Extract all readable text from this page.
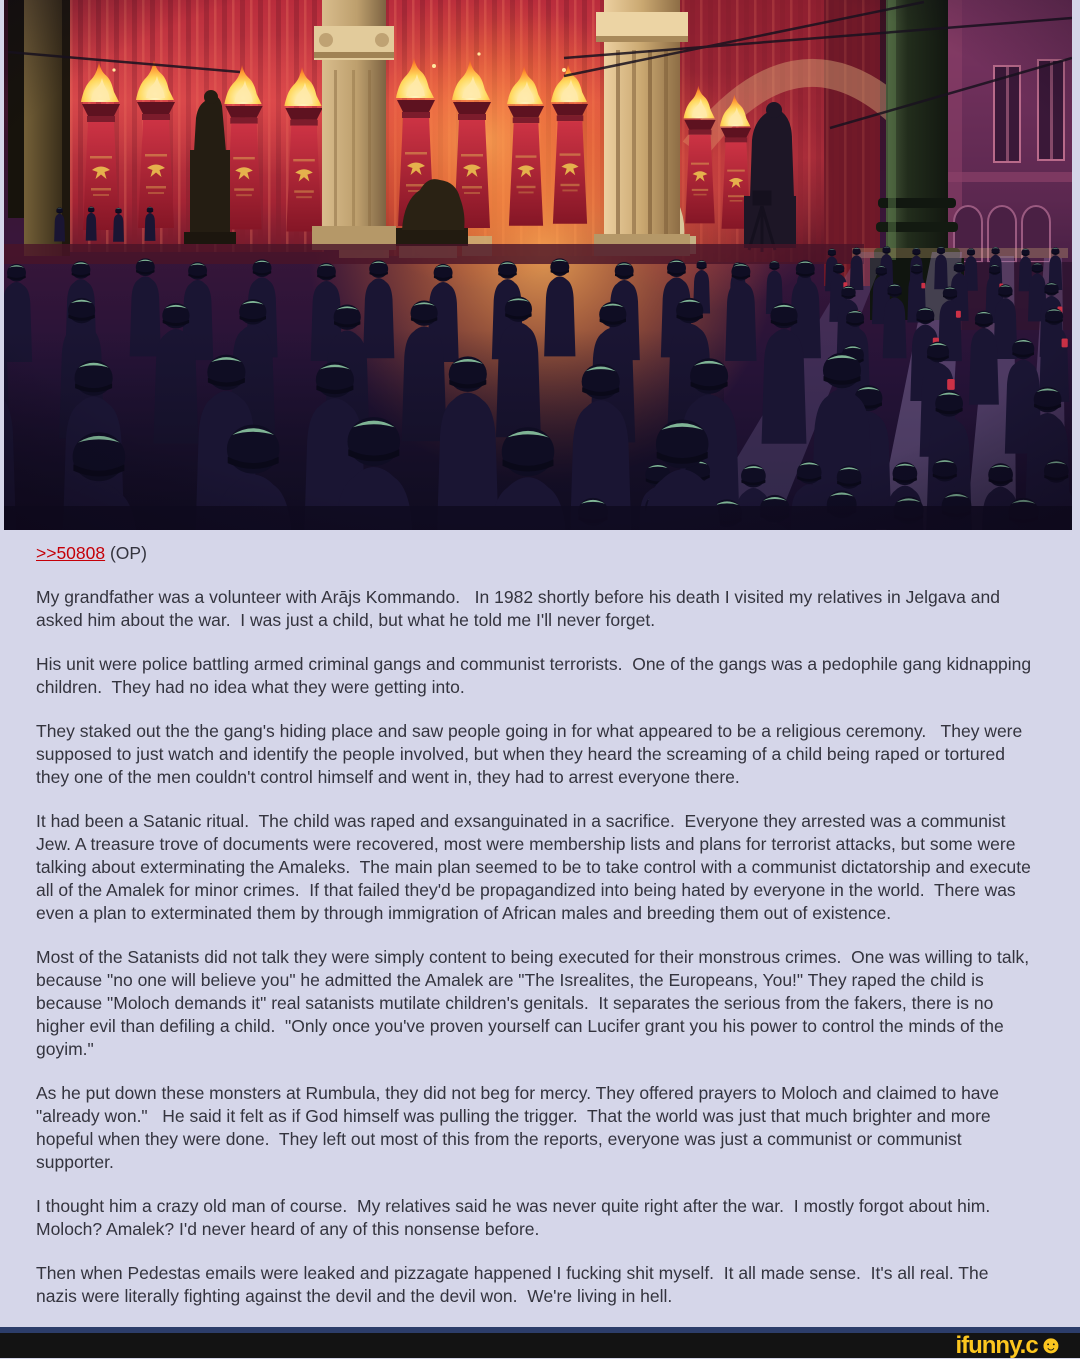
>>50808 (OP)

My grandfather was a volunteer with Arājs Kommando.   In 1982 shortly before his death I visited my relatives in Jelgava and asked him about the war.  I was just a child, but what he told me I'll never forget.

His unit were police battling armed criminal gangs and communist terrorists.  One of the gangs was a pedophile gang kidnapping children.  They had no idea what they were getting into.

They staked out the the gang's hiding place and saw people going in for what appeared to be a religious ceremony.   They were supposed to just watch and identify the people involved, but when they heard the screaming of a child being raped or tortured they one of the men couldn't control himself and went in, they had to arrest everyone there.

It had been a Satanic ritual.  The child was raped and exsanguinated in a sacrifice.  Everyone they arrested was a communist Jew. A treasure trove of documents were recovered, most were membership lists and plans for terrorist attacks, but some were talking about exterminating the Amaleks.  The main plan seemed to be to take control with a communist dictatorship and execute all of the Amalek for minor crimes.  If that failed they'd be propagandized into being hated by everyone in the world.  There was even a plan to exterminated them by through immigration of African males and breeding them out of existence.

Most of the Satanists did not talk they were simply content to being executed for their monstrous crimes.  One was willing to talk, because "no one will believe you" he admitted the Amalek are "The Isrealites, the Europeans, You!" They raped the child is because "Moloch demands it" real satanists mutilate children's genitals.  It separates the serious from the fakers, there is no higher evil than defiling a child.  "Only once you've proven yourself can Lucifer grant you his power to control the minds of the goyim."

As he put down these monsters at Rumbula, they did not beg for mercy. They offered prayers to Moloch and claimed to have "already won."   He said it felt as if God himself was pulling the trigger.  That the world was just that much brighter and more hopeful when they were done.  They left out most of this from the reports, everyone was just a communist or communist supporter.

I thought him a crazy old man of course.  My relatives said he was never quite right after the war.  I mostly forgot about him.  Moloch? Amalek? I'd never heard of any of this nonsense before.

Then when Pedestas emails were leaked and pizzagate happened I fucking shit myself.  It all made sense.  It's all real. The nazis were literally fighting against the devil and the devil won.  We're living in hell.

ifunny.c☻
